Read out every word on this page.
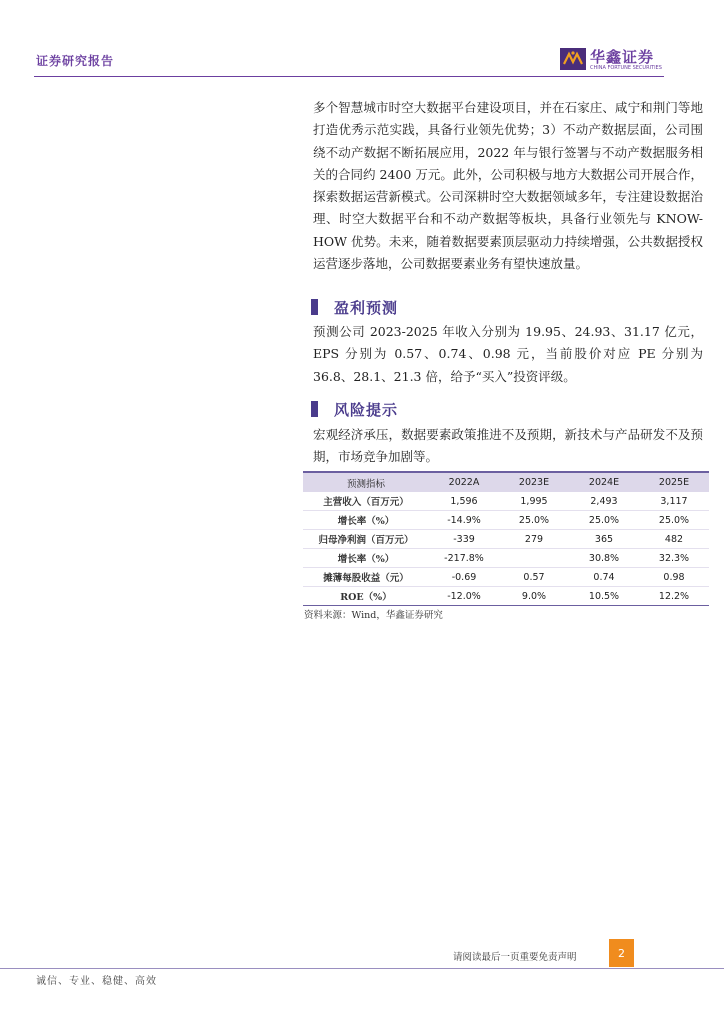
证券研究报告	华鑫证券
CHINA FORTUNE SECURITIES

多个智慧城市时空大数据平台建设项目，并在石家庄、咸宁和荆门等地打造优秀示范实践，具备行业领先优势；3）不动产数据层面，公司围绕不动产数据不断拓展应用，2022 年与银行签署与不动产数据服务相关的合同约 2400 万元。此外，公司积极与地方大数据公司开展合作，探索数据运营新模式。公司深耕时空大数据领域多年，专注建设数据治理、时空大数据平台和不动产数据等板块，具备行业领先与 KNOW-HOW 优势。未来，随着数据要素顶层驱动力持续增强，公共数据授权运营逐步落地，公司数据要素业务有望快速放量。

盈利预测

预测公司 2023-2025 年收入分别为 19.95、24.93、31.17 亿元，EPS 分别为 0.57、0.74、0.98 元，当前股价对应 PE 分别为 36.8、28.1、21.3 倍，给予“买入”投资评级。

风险提示

宏观经济承压，数据要素政策推进不及预期，新技术与产品研发不及预期，市场竞争加剧等。

预测指标	2022A	2023E	2024E	2025E
主营收入（百万元）	1,596	1,995	2,493	3,117
增长率（%）	-14.9%	25.0%	25.0%	25.0%
归母净利润（百万元）	-339	279	365	482
增长率（%）	-217.8%		30.8%	32.3%
摊薄每股收益（元）	-0.69	0.57	0.74	0.98
ROE（%）	-12.0%	9.0%	10.5%	12.2%
资料来源：Wind，华鑫证券研究
请阅读最后一页重要免责声明	2
诚信、专业、稳健、高效
